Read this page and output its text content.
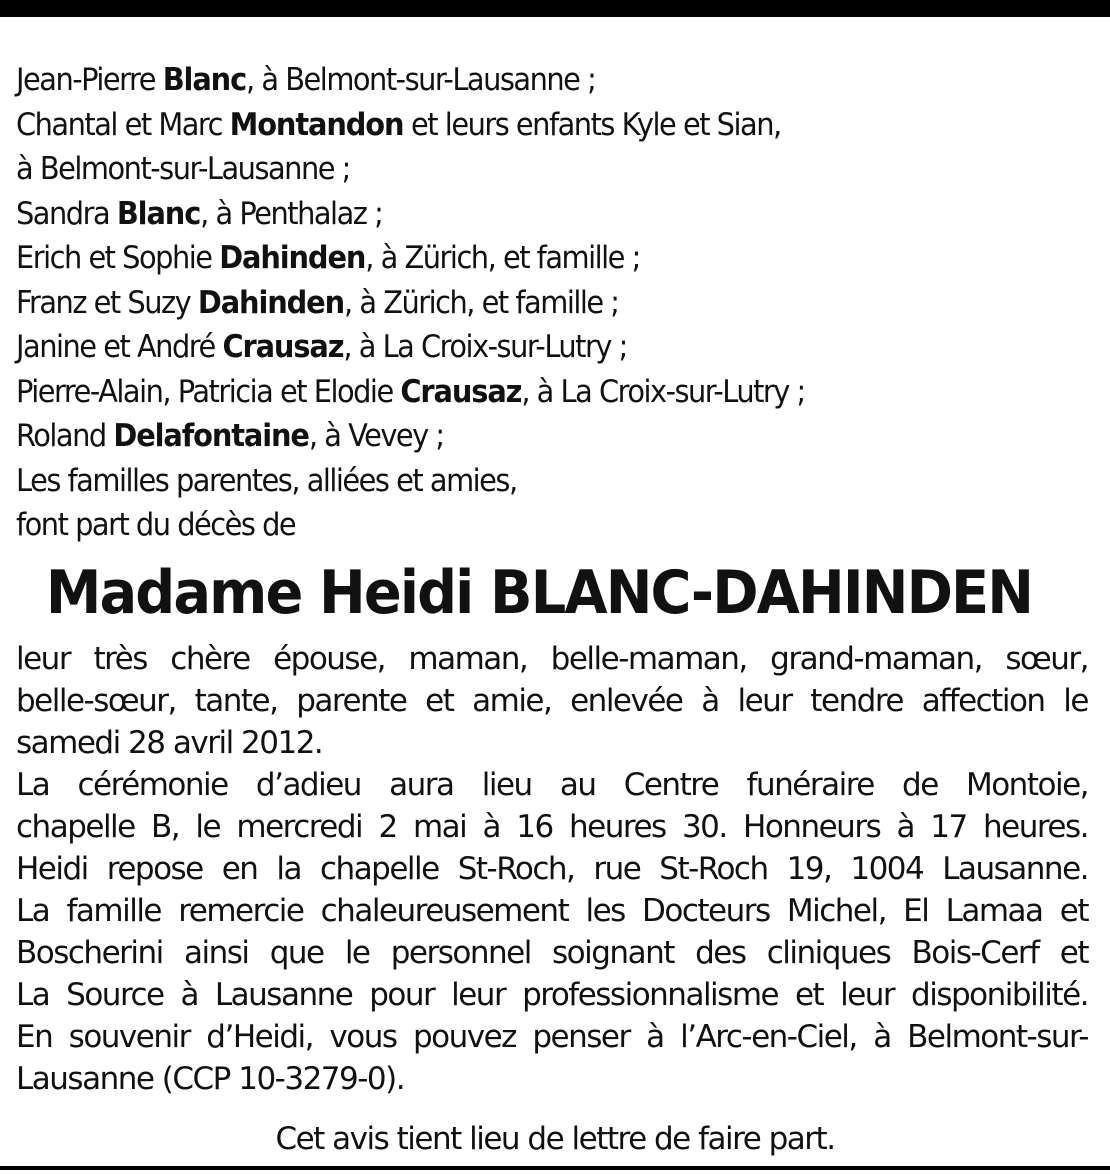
Jean-Pierre Blanc, à Belmont-sur-Lausanne ;
Chantal et Marc Montandon et leurs enfants Kyle et Sian,
à Belmont-sur-Lausanne ;
Sandra Blanc, à Penthalaz ;
Erich et Sophie Dahinden, à Zürich, et famille ;
Franz et Suzy Dahinden, à Zürich, et famille ;
Janine et André Crausaz, à La Croix-sur-Lutry ;
Pierre-Alain, Patricia et Elodie Crausaz, à La Croix-sur-Lutry ;
Roland Delafontaine, à Vevey ;
Les familles parentes, alliées et amies,
font part du décès de
Madame Heidi BLANC-DAHINDEN

leur très chère épouse, maman, belle-maman, grand-maman, sœur,
belle-sœur, tante, parente et amie, enlevée à leur tendre affection le
samedi 28 avril 2012.

La cérémonie d’adieu aura lieu au Centre funéraire de Montoie,
chapelle B, le mercredi 2 mai à 16 heures 30. Honneurs à 17 heures.
Heidi repose en la chapelle St-Roch, rue St-Roch 19, 1004 Lausanne.
La famille remercie chaleureusement les Docteurs Michel, El Lamaa et
Boscherini ainsi que le personnel soignant des cliniques Bois-Cerf et
La Source à Lausanne pour leur professionnalisme et leur disponibilité.
En souvenir d’Heidi, vous pouvez penser à l’Arc-en-Ciel, à Belmont-sur-
Lausanne (CCP 10-3279-0).

Cet avis tient lieu de lettre de faire part.
